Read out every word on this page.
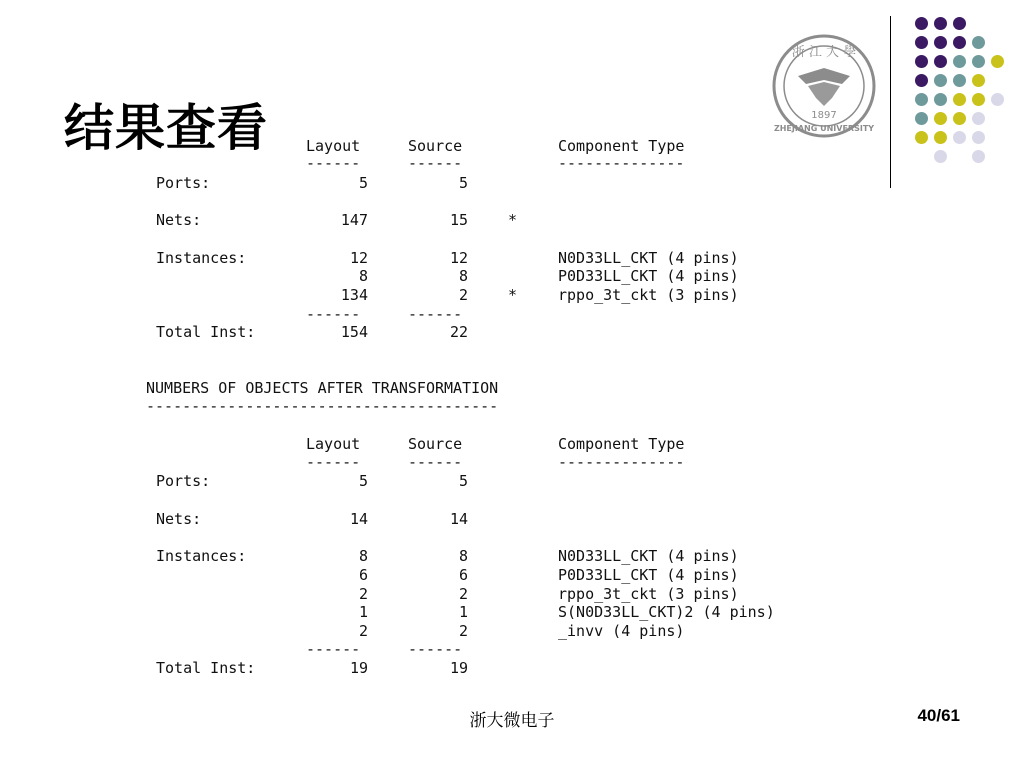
结果查看
浙 江 大 學
1897
ZHEJIANG UNIVERSITY
Layout	Source	Component Type
------	------	--------------
Ports:	5	5
Nets:	147	15	*
Instances:	12	12	N0D33LL_CKT (4 pins)
8	8	P0D33LL_CKT (4 pins)
134	2	*	rppo_3t_ckt (3 pins)
------	------
Total Inst:	154	22
NUMBERS OF OBJECTS AFTER TRANSFORMATION
---------------------------------------
Layout	Source	Component Type
------	------	--------------
Ports:	5	5
Nets:	14	14
Instances:	8	8	N0D33LL_CKT (4 pins)
6	6	P0D33LL_CKT (4 pins)
2	2	rppo_3t_ckt (3 pins)
1	1	S(N0D33LL_CKT)2 (4 pins)
2	2	_invv (4 pins)
------	------
Total Inst:	19	19
浙大微电子	40/61
